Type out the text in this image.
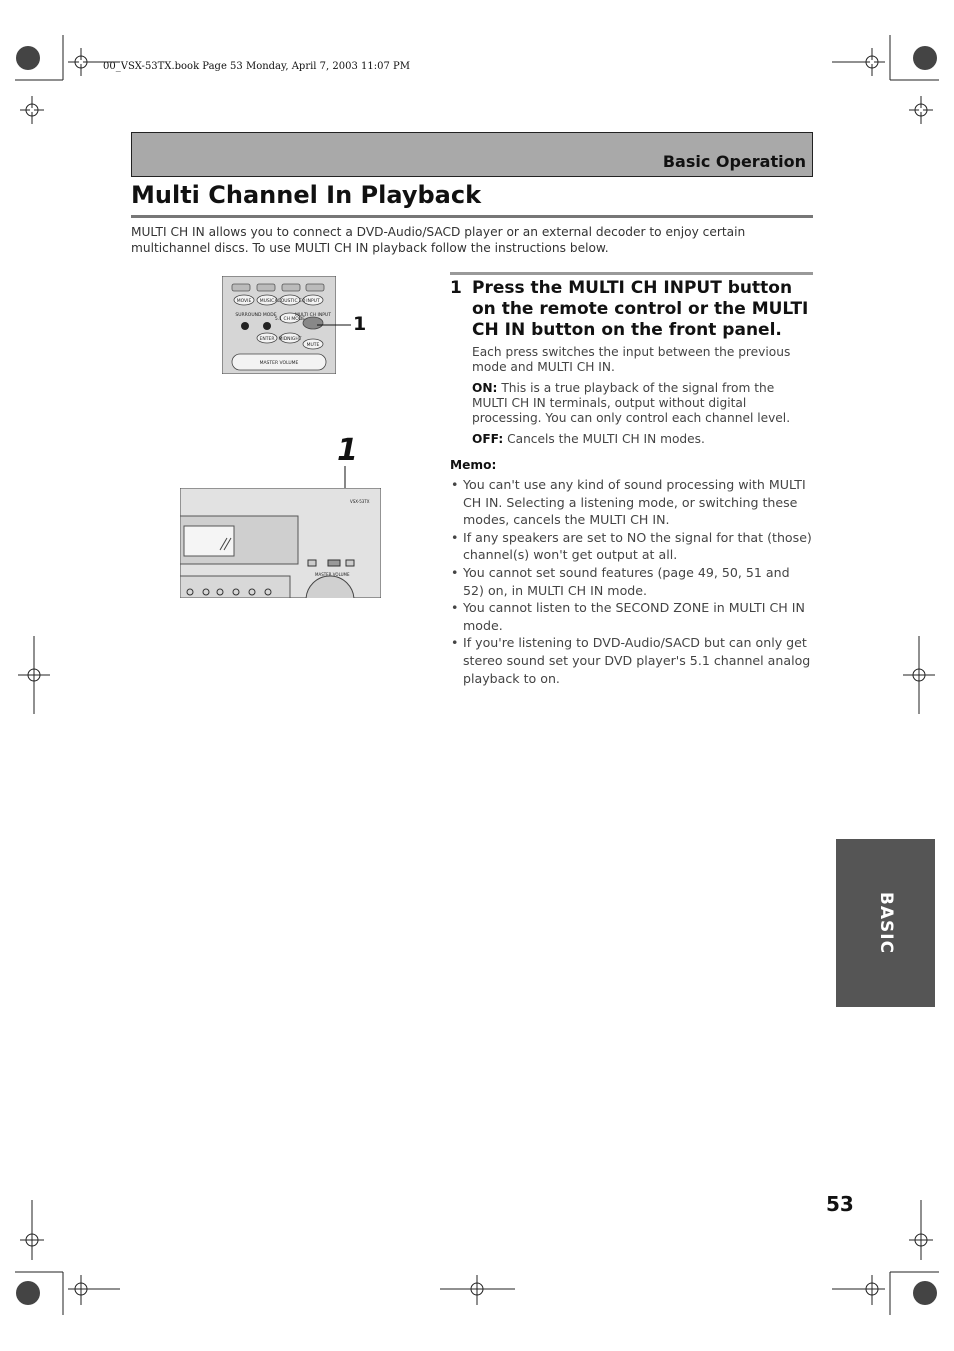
00_VSX-53TX.book Page 53 Monday, April 7, 2003 11:07 PM
Basic Operation
Multi Channel In Playback

MULTI CH IN allows you to connect a DVD-Audio/SACD player or an external decoder to enjoy certain multichannel discs. To use MULTI CH IN playback follow the instructions below.

MOVIE MUSIC ACOUSTIC EQ INPUT
SURROUND MODE
5.1 CH MODE
MULTI CH INPUT
ENTER MIDNIGHT
MUTE
MASTER VOLUME
1
1
VSX-53TX
MASTER VOLUME
1 Press the MULTI CH INPUT button on the remote control or the MULTI CH IN button on the front panel.
Each press switches the input between the previous mode and MULTI CH IN.
ON: This is a true playback of the signal from the MULTI CH IN terminals, output without digital processing. You can only control each channel level.
OFF: Cancels the MULTI CH IN modes.
Memo:
• You can't use any kind of sound processing with MULTI CH IN. Selecting a listening mode, or switching these modes, cancels the MULTI CH IN.
• If any speakers are set to NO the signal for that (those) channel(s) won't get output at all.
• You cannot set sound features (page 49, 50, 51 and 52) on, in MULTI CH IN mode.
• You cannot listen to the SECOND ZONE in MULTI CH IN mode.
• If you're listening to DVD-Audio/SACD but can only get stereo sound set your DVD player's 5.1 channel analog playback to on.
BASIC
53
